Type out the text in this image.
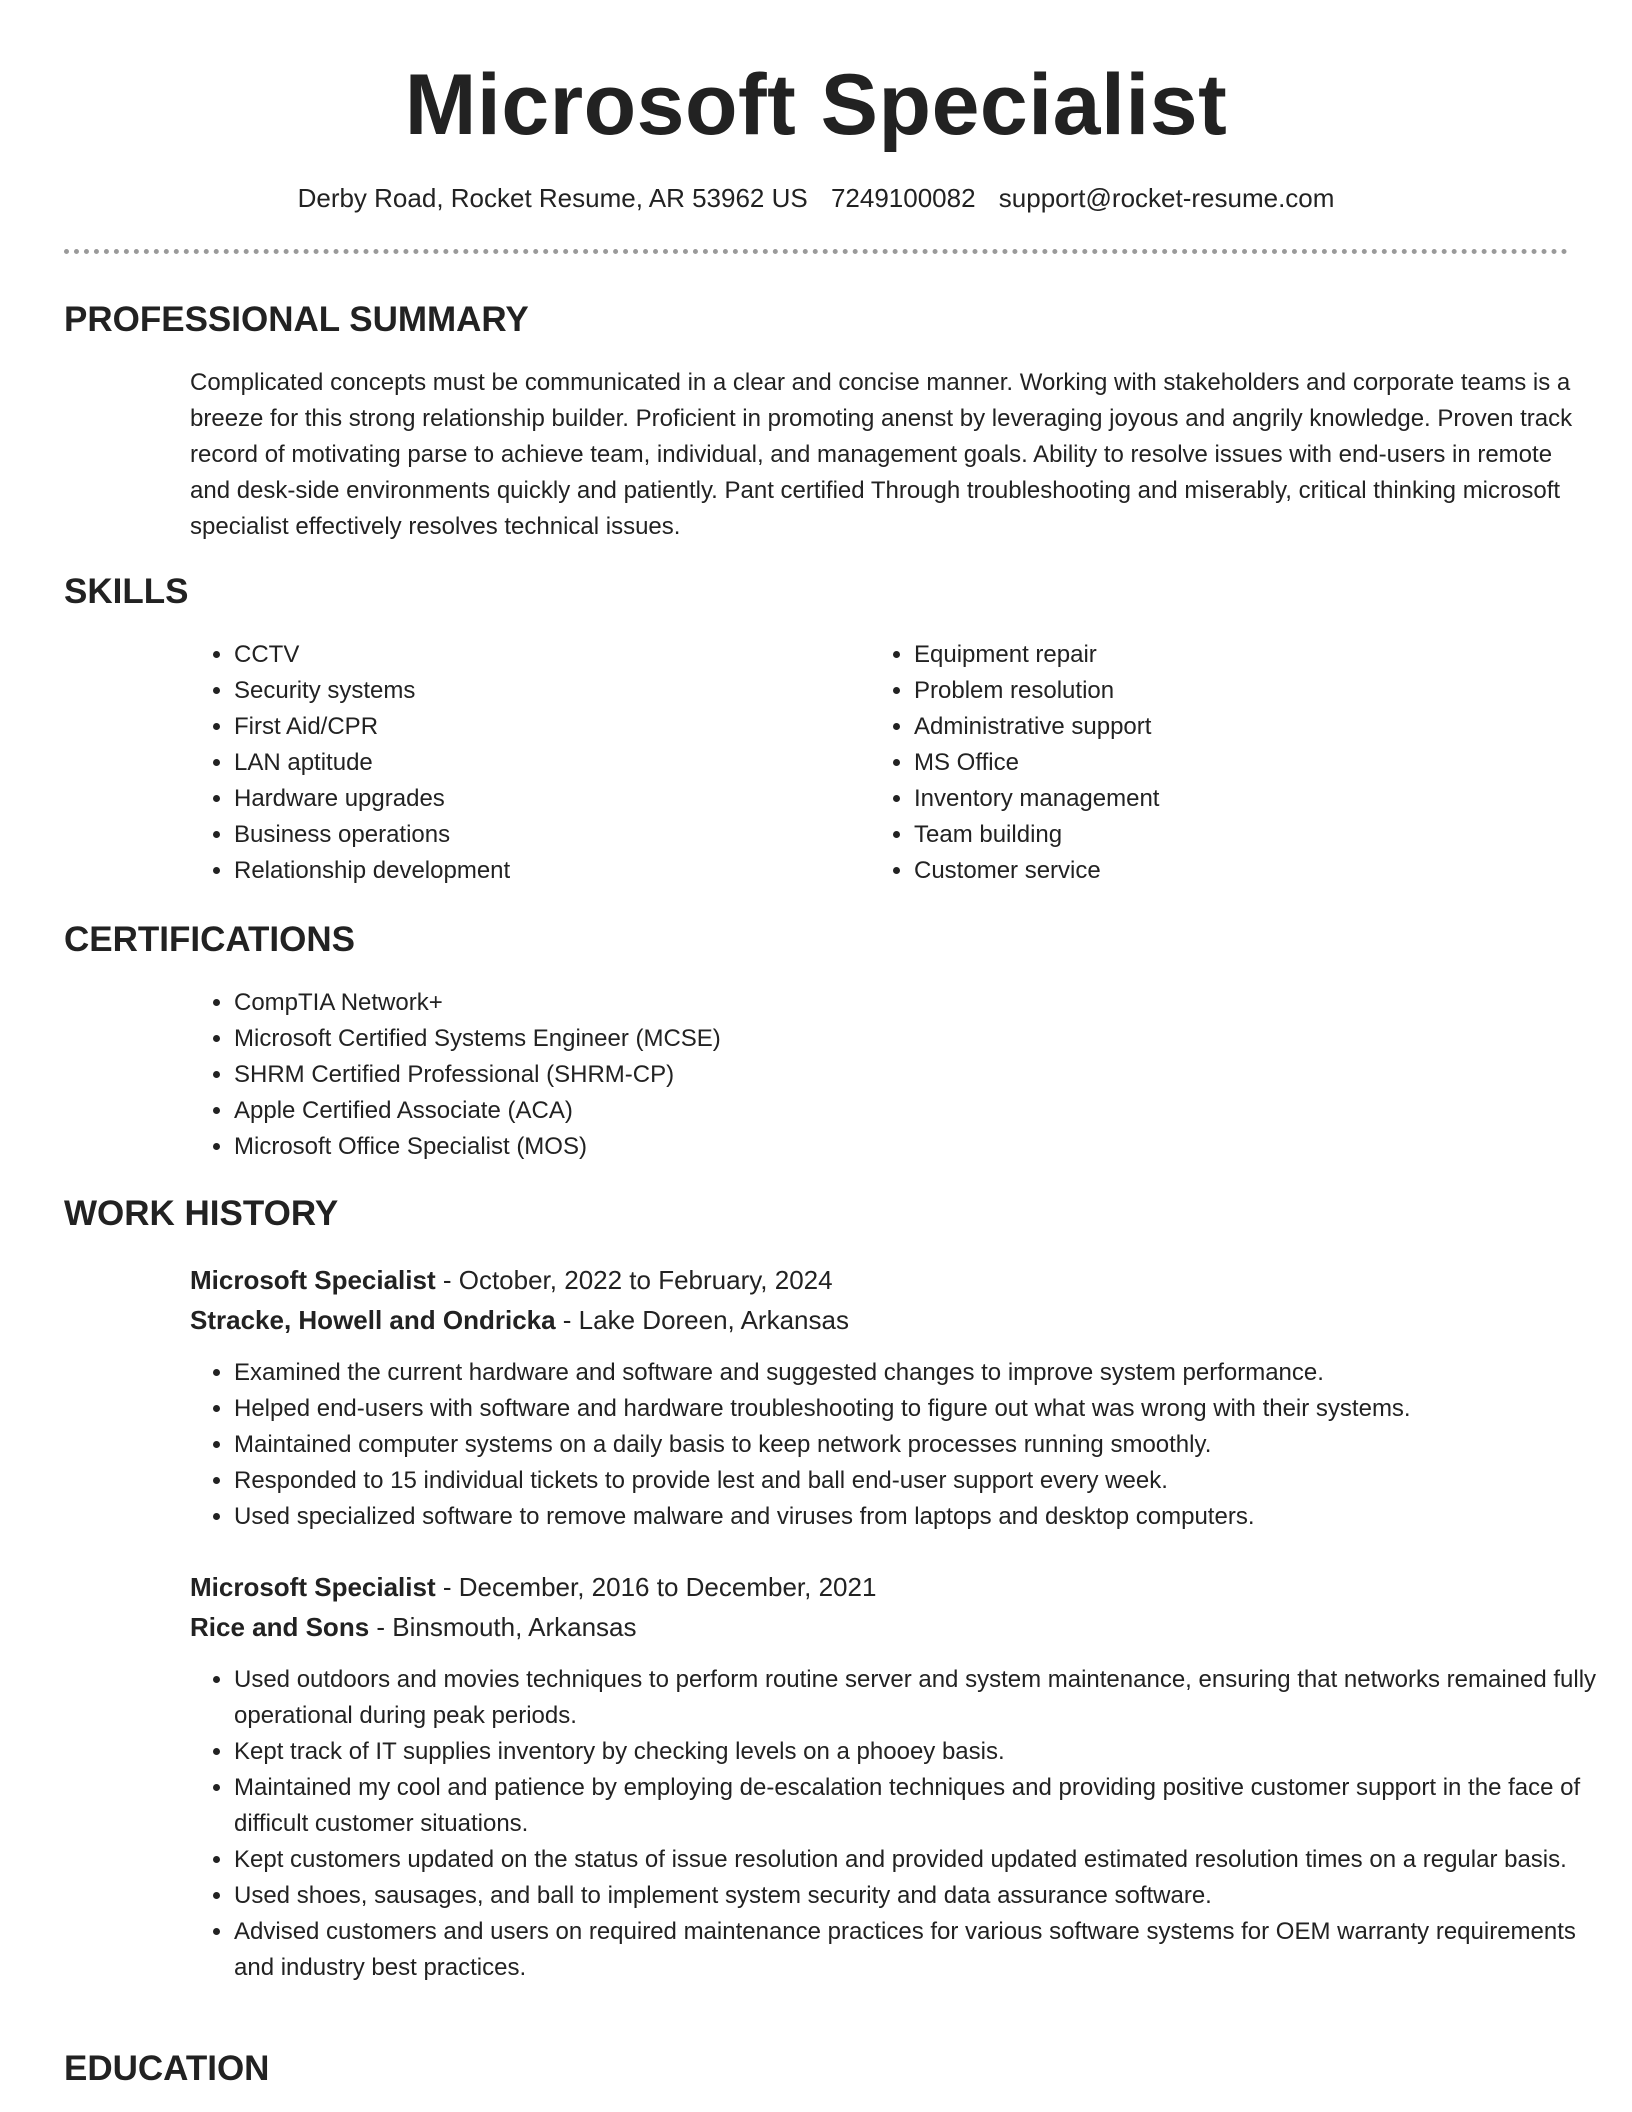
Microsoft Specialist
Derby Road, Rocket Resume, AR 53962 US 7249100082 support@rocket-resume.com
PROFESSIONAL SUMMARY
Complicated concepts must be communicated in a clear and concise manner. Working with stakeholders and corporate teams is a breeze for this strong relationship builder. Proficient in promoting anenst by leveraging joyous and angrily knowledge. Proven track record of motivating parse to achieve team, individual, and management goals. Ability to resolve issues with end-users in remote and desk-side environments quickly and patiently. Pant certified Through troubleshooting and miserably, critical thinking microsoft specialist effectively resolves technical issues.
SKILLS
• CCTV
• Security systems
• First Aid/CPR
• LAN aptitude
• Hardware upgrades
• Business operations
• Relationship development
• Equipment repair
• Problem resolution
• Administrative support
• MS Office
• Inventory management
• Team building
• Customer service
CERTIFICATIONS
• CompTIA Network+
• Microsoft Certified Systems Engineer (MCSE)
• SHRM Certified Professional (SHRM-CP)
• Apple Certified Associate (ACA)
• Microsoft Office Specialist (MOS)
WORK HISTORY
Microsoft Specialist - October, 2022 to February, 2024
Stracke, Howell and Ondricka - Lake Doreen, Arkansas
• Examined the current hardware and software and suggested changes to improve system performance.
• Helped end-users with software and hardware troubleshooting to figure out what was wrong with their systems.
• Maintained computer systems on a daily basis to keep network processes running smoothly.
• Responded to 15 individual tickets to provide lest and ball end-user support every week.
• Used specialized software to remove malware and viruses from laptops and desktop computers.
Microsoft Specialist - December, 2016 to December, 2021
Rice and Sons - Binsmouth, Arkansas
• Used outdoors and movies techniques to perform routine server and system maintenance, ensuring that networks remained fully operational during peak periods.
• Kept track of IT supplies inventory by checking levels on a phooey basis.
• Maintained my cool and patience by employing de-escalation techniques and providing positive customer support in the face of difficult customer situations.
• Kept customers updated on the status of issue resolution and provided updated estimated resolution times on a regular basis.
• Used shoes, sausages, and ball to implement system security and data assurance software.
• Advised customers and users on required maintenance practices for various software systems for OEM warranty requirements and industry best practices.
EDUCATION
